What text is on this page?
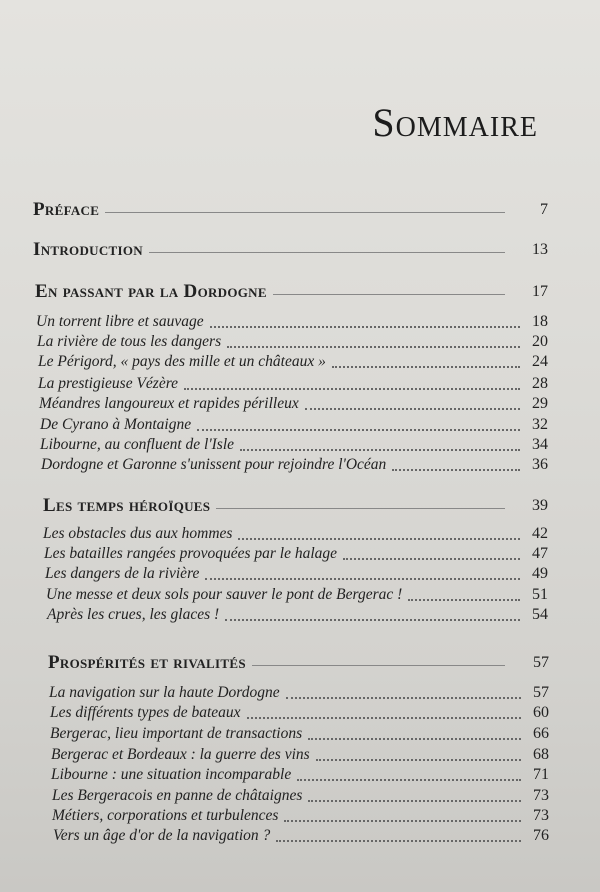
Sommaire
Préface	7
Introduction	13
En passant par la Dordogne	17
Un torrent libre et sauvage	18
La rivière de tous les dangers	20
Le Périgord, « pays des mille et un châteaux »	24
La prestigieuse Vézère	28
Méandres langoureux et rapides périlleux	29
De Cyrano à Montaigne	32
Libourne, au confluent de l'Isle	34
Dordogne et Garonne s'unissent pour rejoindre l'Océan	36
Les temps héroïques	39
Les obstacles dus aux hommes	42
Les batailles rangées provoquées par le halage	47
Les dangers de la rivière	49
Une messe et deux sols pour sauver le pont de Bergerac !	51
Après les crues, les glaces !	54
Prospérités et rivalités	57
La navigation sur la haute Dordogne	57
Les différents types de bateaux	60
Bergerac, lieu important de transactions	66
Bergerac et Bordeaux : la guerre des vins	68
Libourne : une situation incomparable	71
Les Bergeracois en panne de châtaignes	73
Métiers, corporations et turbulences	73
Vers un âge d'or de la navigation ?	76
